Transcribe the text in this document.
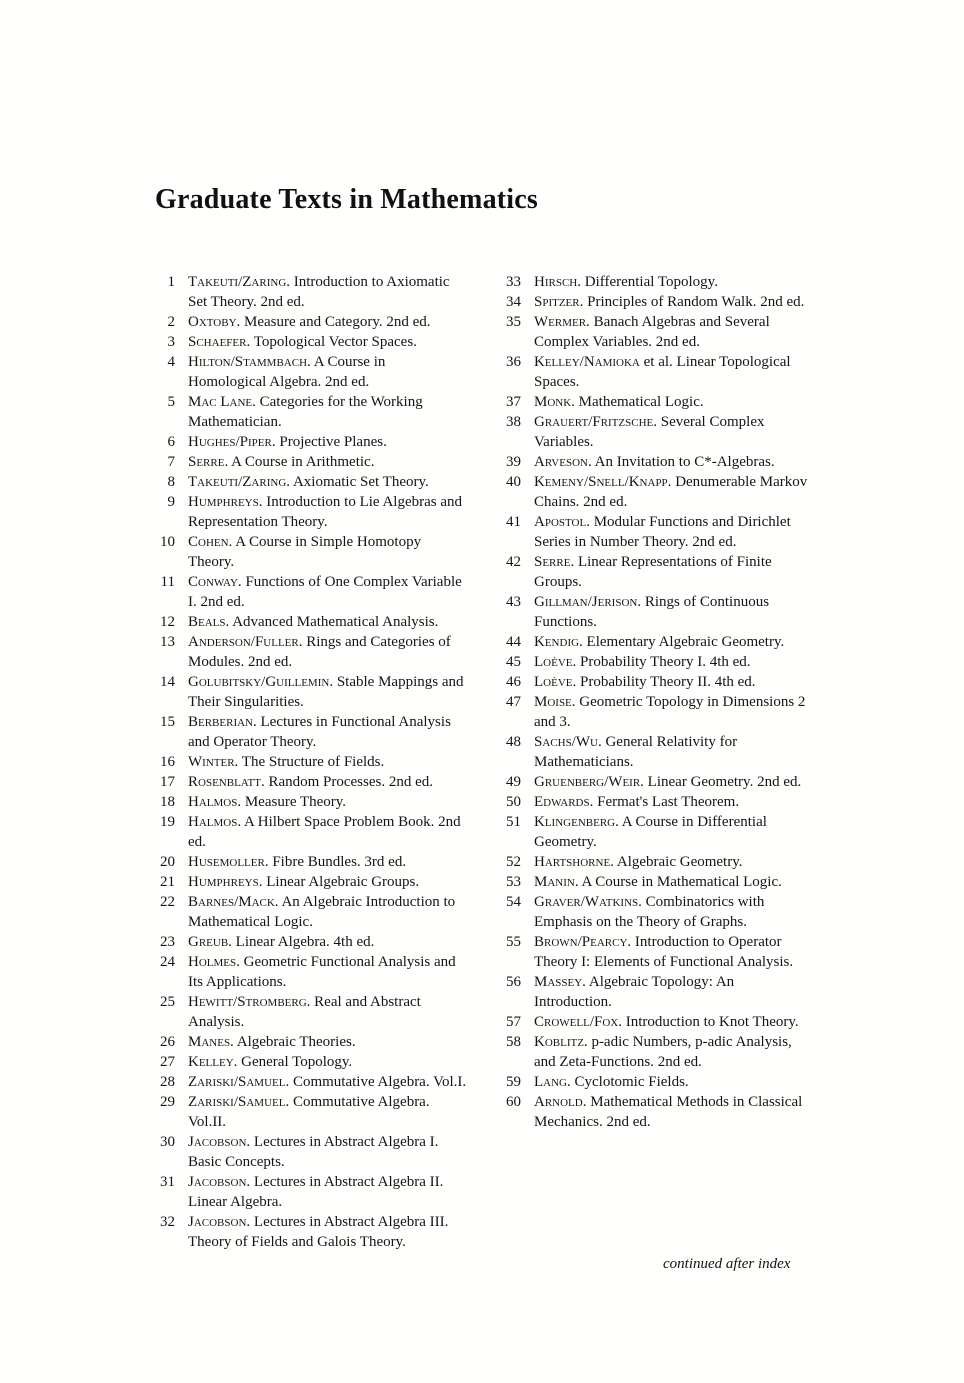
Graduate Texts in Mathematics
1 Takeuti/Zaring. Introduction to Axiomatic Set Theory. 2nd ed.
2 Oxtoby. Measure and Category. 2nd ed.
3 Schaefer. Topological Vector Spaces.
4 Hilton/Stammbach. A Course in Homological Algebra. 2nd ed.
5 Mac Lane. Categories for the Working Mathematician.
6 Hughes/Piper. Projective Planes.
7 Serre. A Course in Arithmetic.
8 Takeuti/Zaring. Axiomatic Set Theory.
9 Humphreys. Introduction to Lie Algebras and Representation Theory.
10 Cohen. A Course in Simple Homotopy Theory.
11 Conway. Functions of One Complex Variable I. 2nd ed.
12 Beals. Advanced Mathematical Analysis.
13 Anderson/Fuller. Rings and Categories of Modules. 2nd ed.
14 Golubitsky/Guillemin. Stable Mappings and Their Singularities.
15 Berberian. Lectures in Functional Analysis and Operator Theory.
16 Winter. The Structure of Fields.
17 Rosenblatt. Random Processes. 2nd ed.
18 Halmos. Measure Theory.
19 Halmos. A Hilbert Space Problem Book. 2nd ed.
20 Husemoller. Fibre Bundles. 3rd ed.
21 Humphreys. Linear Algebraic Groups.
22 Barnes/Mack. An Algebraic Introduction to Mathematical Logic.
23 Greub. Linear Algebra. 4th ed.
24 Holmes. Geometric Functional Analysis and Its Applications.
25 Hewitt/Stromberg. Real and Abstract Analysis.
26 Manes. Algebraic Theories.
27 Kelley. General Topology.
28 Zariski/Samuel. Commutative Algebra. Vol.I.
29 Zariski/Samuel. Commutative Algebra. Vol.II.
30 Jacobson. Lectures in Abstract Algebra I. Basic Concepts.
31 Jacobson. Lectures in Abstract Algebra II. Linear Algebra.
32 Jacobson. Lectures in Abstract Algebra III. Theory of Fields and Galois Theory.
33 Hirsch. Differential Topology.
34 Spitzer. Principles of Random Walk. 2nd ed.
35 Wermer. Banach Algebras and Several Complex Variables. 2nd ed.
36 Kelley/Namioka et al. Linear Topological Spaces.
37 Monk. Mathematical Logic.
38 Grauert/Fritzsche. Several Complex Variables.
39 Arveson. An Invitation to C*-Algebras.
40 Kemeny/Snell/Knapp. Denumerable Markov Chains. 2nd ed.
41 Apostol. Modular Functions and Dirichlet Series in Number Theory. 2nd ed.
42 Serre. Linear Representations of Finite Groups.
43 Gillman/Jerison. Rings of Continuous Functions.
44 Kendig. Elementary Algebraic Geometry.
45 Loève. Probability Theory I. 4th ed.
46 Loève. Probability Theory II. 4th ed.
47 Moise. Geometric Topology in Dimensions 2 and 3.
48 Sachs/Wu. General Relativity for Mathematicians.
49 Gruenberg/Weir. Linear Geometry. 2nd ed.
50 Edwards. Fermat's Last Theorem.
51 Klingenberg. A Course in Differential Geometry.
52 Hartshorne. Algebraic Geometry.
53 Manin. A Course in Mathematical Logic.
54 Graver/Watkins. Combinatorics with Emphasis on the Theory of Graphs.
55 Brown/Pearcy. Introduction to Operator Theory I: Elements of Functional Analysis.
56 Massey. Algebraic Topology: An Introduction.
57 Crowell/Fox. Introduction to Knot Theory.
58 Koblitz. p-adic Numbers, p-adic Analysis, and Zeta-Functions. 2nd ed.
59 Lang. Cyclotomic Fields.
60 Arnold. Mathematical Methods in Classical Mechanics. 2nd ed.
continued after index
